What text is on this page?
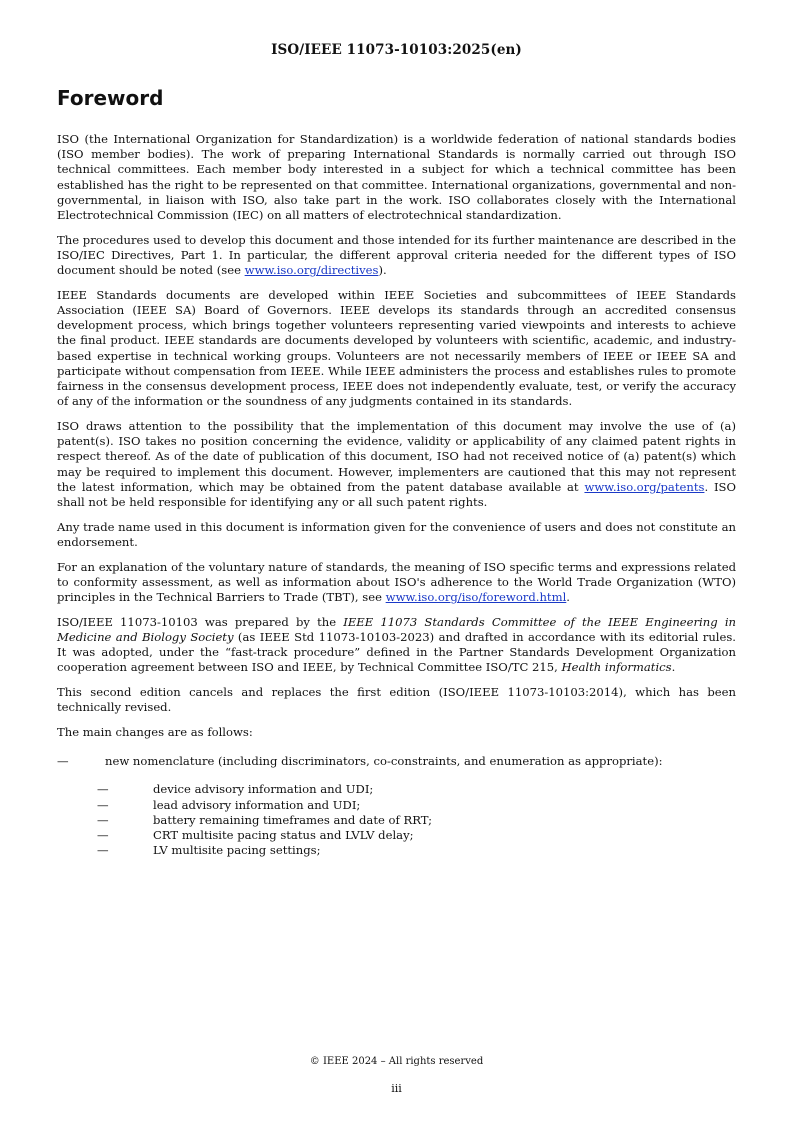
ISO/IEEE 11073-10103:2025(en)
Foreword

ISO (the International Organization for Standardization) is a worldwide federation of national standards bodies (ISO member bodies). The work of preparing International Standards is normally carried out through ISO technical committees. Each member body interested in a subject for which a technical committee has been established has the right to be represented on that committee. International organizations, governmental and non-governmental, in liaison with ISO, also take part in the work. ISO collaborates closely with the International Electrotechnical Commission (IEC) on all matters of electrotechnical standardization.

The procedures used to develop this document and those intended for its further maintenance are described in the ISO/IEC Directives, Part 1. In particular, the different approval criteria needed for the different types of ISO document should be noted (see www.iso.org/directives).

IEEE Standards documents are developed within IEEE Societies and subcommittees of IEEE Standards Association (IEEE SA) Board of Governors. IEEE develops its standards through an accredited consensus development process, which brings together volunteers representing varied viewpoints and interests to achieve the final product. IEEE standards are documents developed by volunteers with scientific, academic, and industry-based expertise in technical working groups. Volunteers are not necessarily members of IEEE or IEEE SA and participate without compensation from IEEE. While IEEE administers the process and establishes rules to promote fairness in the consensus development process, IEEE does not independently evaluate, test, or verify the accuracy of any of the information or the soundness of any judgments contained in its standards.

ISO draws attention to the possibility that the implementation of this document may involve the use of (a) patent(s). ISO takes no position concerning the evidence, validity or applicability of any claimed patent rights in respect thereof. As of the date of publication of this document, ISO had not received notice of (a) patent(s) which may be required to implement this document. However, implementers are cautioned that this may not represent the latest information, which may be obtained from the patent database available at www.iso.org/patents. ISO shall not be held responsible for identifying any or all such patent rights.

Any trade name used in this document is information given for the convenience of users and does not constitute an endorsement.

For an explanation of the voluntary nature of standards, the meaning of ISO specific terms and expressions related to conformity assessment, as well as information about ISO's adherence to the World Trade Organization (WTO) principles in the Technical Barriers to Trade (TBT), see www.iso.org/iso/foreword.html.

ISO/IEEE 11073-10103 was prepared by the IEEE 11073 Standards Committee of the IEEE Engineering in Medicine and Biology Society (as IEEE Std 11073-10103-2023) and drafted in accordance with its editorial rules. It was adopted, under the “fast-track procedure” defined in the Partner Standards Development Organization cooperation agreement between ISO and IEEE, by Technical Committee ISO/TC 215, Health informatics.

This second edition cancels and replaces the first edition (ISO/IEEE 11073-10103:2014), which has been technically revised.

The main changes are as follows:

—	new nomenclature (including discriminators, co-constraints, and enumeration as appropriate):
—	device advisory information and UDI;
—	lead advisory information and UDI;
—	battery remaining timeframes and date of RRT;
—	CRT multisite pacing status and LVLV delay;
—	LV multisite pacing settings;
© IEEE 2024 – All rights reserved
iii
